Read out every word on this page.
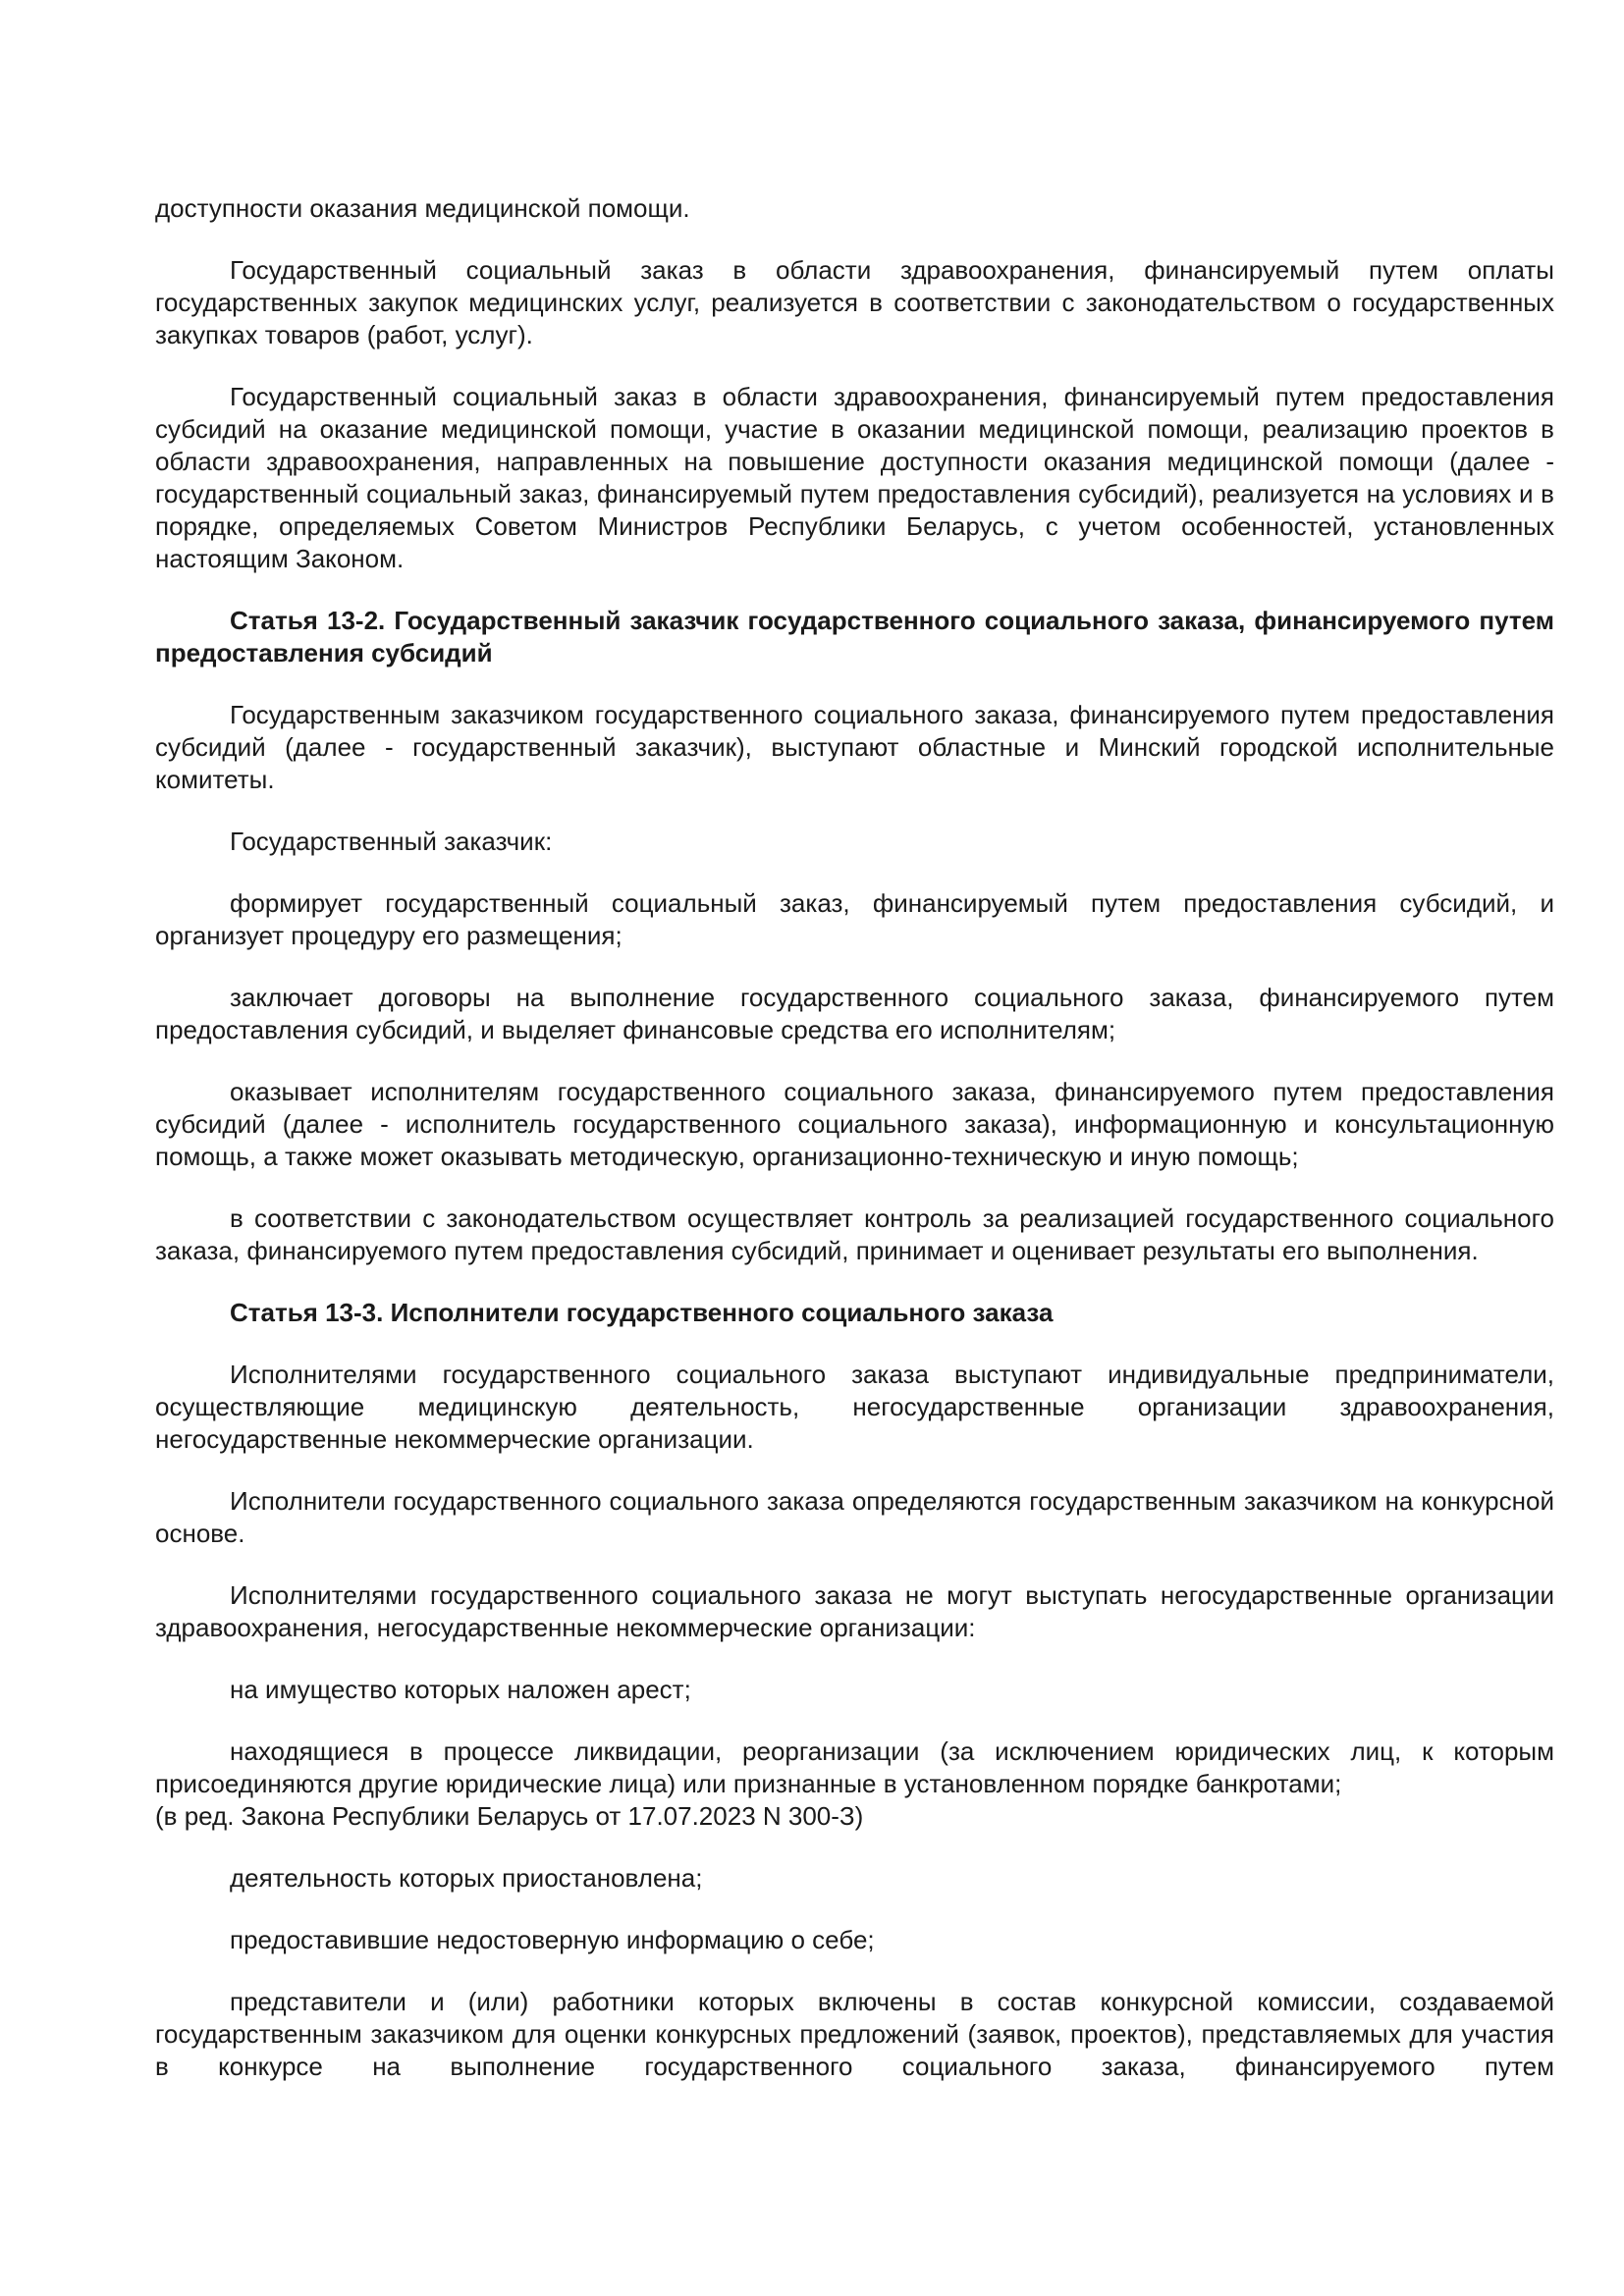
доступности оказания медицинской помощи.

Государственный социальный заказ в области здравоохранения, финансируемый путем оплаты государственных закупок медицинских услуг, реализуется в соответствии с законодательством о государственных закупках товаров (работ, услуг).

Государственный социальный заказ в области здравоохранения, финансируемый путем предоставления субсидий на оказание медицинской помощи, участие в оказании медицинской помощи, реализацию проектов в области здравоохранения, направленных на повышение доступности оказания медицинской помощи (далее - государственный социальный заказ, финансируемый путем предоставления субсидий), реализуется на условиях и в порядке, определяемых Советом Министров Республики Беларусь, с учетом особенностей, установленных настоящим Законом.

Статья 13-2. Государственный заказчик государственного социального заказа, финансируемого путем предоставления субсидий

Государственным заказчиком государственного социального заказа, финансируемого путем предоставления субсидий (далее - государственный заказчик), выступают областные и Минский городской исполнительные комитеты.

Государственный заказчик:

формирует государственный социальный заказ, финансируемый путем предоставления субсидий, и организует процедуру его размещения;

заключает договоры на выполнение государственного социального заказа, финансируемого путем предоставления субсидий, и выделяет финансовые средства его исполнителям;

оказывает исполнителям государственного социального заказа, финансируемого путем предоставления субсидий (далее - исполнитель государственного социального заказа), информационную и консультационную помощь, а также может оказывать методическую, организационно-техническую и иную помощь;

в соответствии с законодательством осуществляет контроль за реализацией государственного социального заказа, финансируемого путем предоставления субсидий, принимает и оценивает результаты его выполнения.

Статья 13-3. Исполнители государственного социального заказа

Исполнителями государственного социального заказа выступают индивидуальные предприниматели, осуществляющие медицинскую деятельность, негосударственные организации здравоохранения, негосударственные некоммерческие организации.

Исполнители государственного социального заказа определяются государственным заказчиком на конкурсной основе.

Исполнителями государственного социального заказа не могут выступать негосударственные организации здравоохранения, негосударственные некоммерческие организации:

на имущество которых наложен арест;

находящиеся в процессе ликвидации, реорганизации (за исключением юридических лиц, к которым присоединяются другие юридические лица) или признанные в установленном порядке банкротами;

(в ред. Закона Республики Беларусь от 17.07.2023 N 300-З)

деятельность которых приостановлена;

предоставившие недостоверную информацию о себе;

представители и (или) работники которых включены в состав конкурсной комиссии, создаваемой государственным заказчиком для оценки конкурсных предложений (заявок, проектов), представляемых для участия в конкурсе на выполнение государственного социального заказа, финансируемого путем
